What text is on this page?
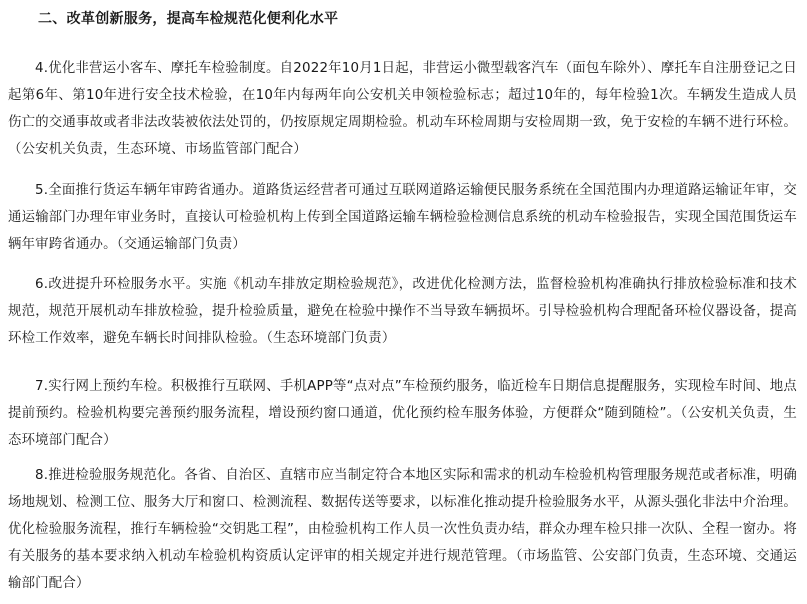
二、改革创新服务，提高车检规范化便利化水平

4.优化非营运小客车、摩托车检验制度。自2022年10月1日起，非营运小微型载客汽车（面包车除外）、摩托车自注册登记之日起第6年、第10年进行安全技术检验，在10年内每两年向公安机关申领检验标志；超过10年的，每年检验1次。车辆发生造成人员伤亡的交通事故或者非法改装被依法处罚的，仍按原规定周期检验。机动车环检周期与安检周期一致，免于安检的车辆不进行环检。（公安机关负责，生态环境、市场监管部门配合）

5.全面推行货运车辆年审跨省通办。道路货运经营者可通过互联网道路运输便民服务系统在全国范围内办理道路运输证年审，交通运输部门办理年审业务时，直接认可检验机构上传到全国道路运输车辆检验检测信息系统的机动车检验报告，实现全国范围货运车辆年审跨省通办。（交通运输部门负责）

6.改进提升环检服务水平。实施《机动车排放定期检验规范》，改进优化检测方法，监督检验机构准确执行排放检验标准和技术规范，规范开展机动车排放检验，提升检验质量，避免在检验中操作不当导致车辆损坏。引导检验机构合理配备环检仪器设备，提高环检工作效率，避免车辆长时间排队检验。（生态环境部门负责）

7.实行网上预约车检。积极推行互联网、手机APP等“点对点”车检预约服务，临近检车日期信息提醒服务，实现检车时间、地点提前预约。检验机构要完善预约服务流程，增设预约窗口通道，优化预约检车服务体验，方便群众“随到随检”。（公安机关负责，生态环境部门配合）

8.推进检验服务规范化。各省、自治区、直辖市应当制定符合本地区实际和需求的机动车检验机构管理服务规范或者标准，明确场地规划、检测工位、服务大厅和窗口、检测流程、数据传送等要求，以标准化推动提升检验服务水平，从源头强化非法中介治理。优化检验服务流程，推行车辆检验“交钥匙工程”，由检验机构工作人员一次性负责办结，群众办理车检只排一次队、全程一窗办。将有关服务的基本要求纳入机动车检验机构资质认定评审的相关规定并进行规范管理。（市场监管、公安部门负责，生态环境、交通运输部门配合）
